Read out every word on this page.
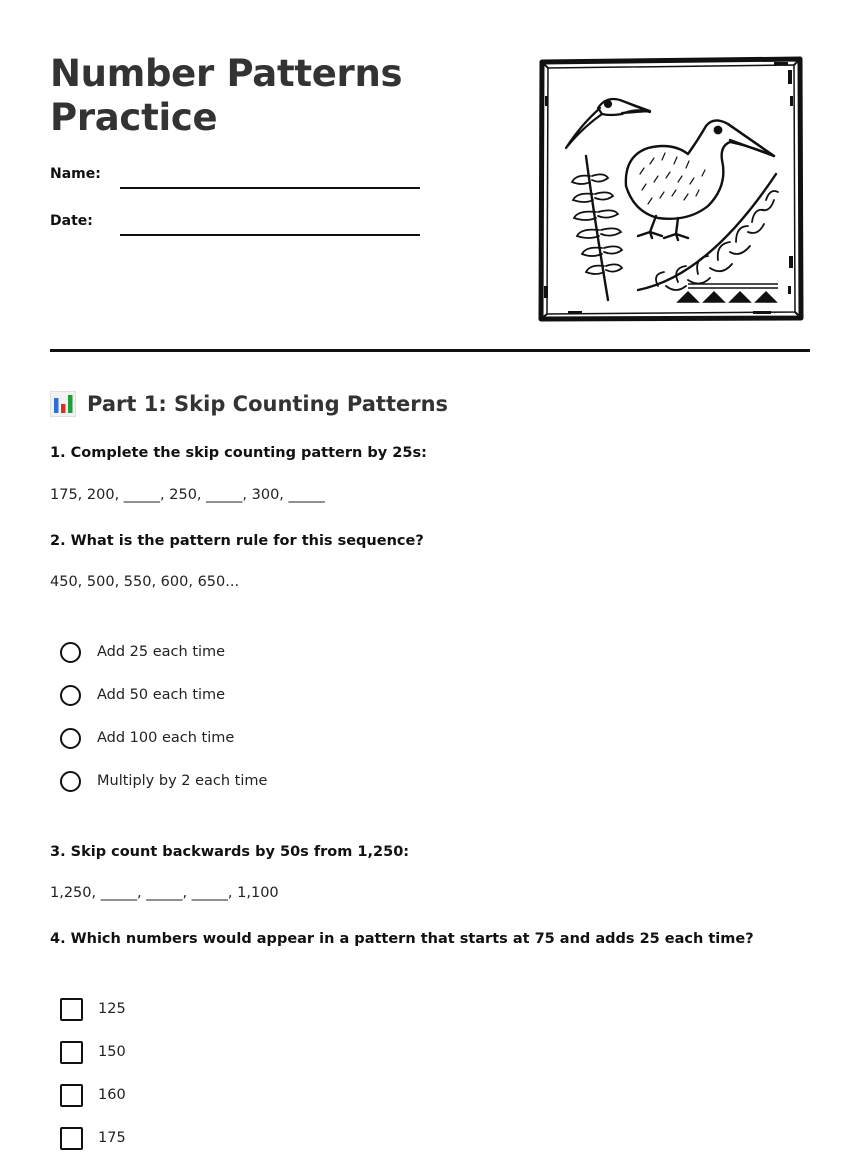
Number Patterns
Practice
Name:
Date:
Part 1: Skip Counting Patterns
1. Complete the skip counting pattern by 25s:
175, 200, _____, 250, _____, 300, _____
2. What is the pattern rule for this sequence?
450, 500, 550, 600, 650...
Add 25 each time
Add 50 each time
Add 100 each time
Multiply by 2 each time
3. Skip count backwards by 50s from 1,250:
1,250, _____, _____, _____, 1,100
4. Which numbers would appear in a pattern that starts at 75 and adds 25 each time?
125
150
160
175
